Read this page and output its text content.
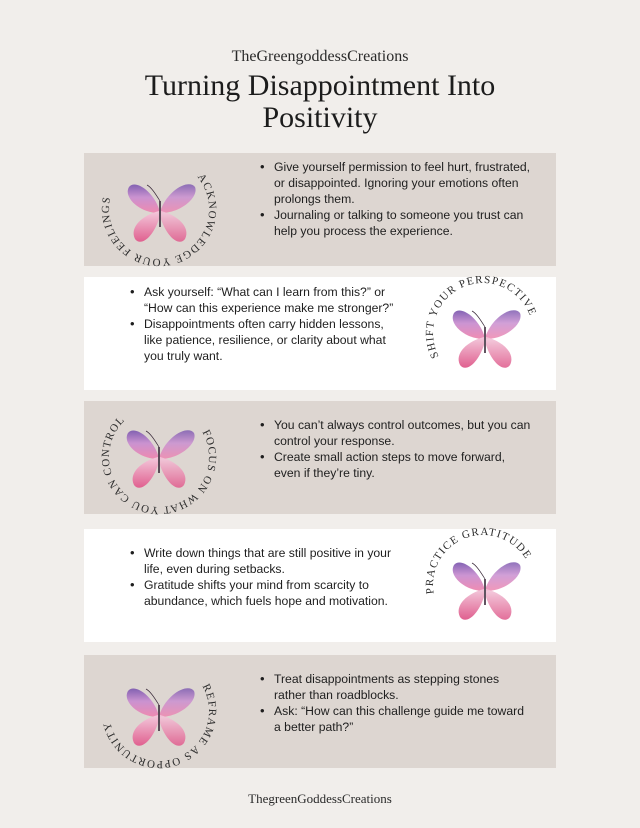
TheGreengoddessCreations
Turning Disappointment Into
Positivity
ACKNOWLEDGE YOUR FEELINGS
• Give yourself permission to feel hurt, frustrated, or disappointed. Ignoring your emotions often prolongs them.
• Journaling or talking to someone you trust can help you process the experience.
• Ask yourself: “What can I learn from this?” or “How can this experience make me stronger?”
• Disappointments often carry hidden lessons, like patience, resilience, or clarity about what you truly want.	SHIFT YOUR PERSPECTIVE
FOCUS ON WHAT YOU CAN CONTROL
•	You can’t always control outcomes, but you can control your response.
• Create small action steps to move forward, even if they’re tiny.
• Write down things that are still positive in your life, even during setbacks.
• Gratitude shifts your mind from scarcity to abundance, which fuels hope and motivation.
PRACTICE GRATITUDE
REFRAME AS OPPORTUNITY
• Treat disappointments as stepping stones rather than roadblocks.
• Ask: “How can this challenge guide me toward a better path?”
ThegreenGoddessCreations
